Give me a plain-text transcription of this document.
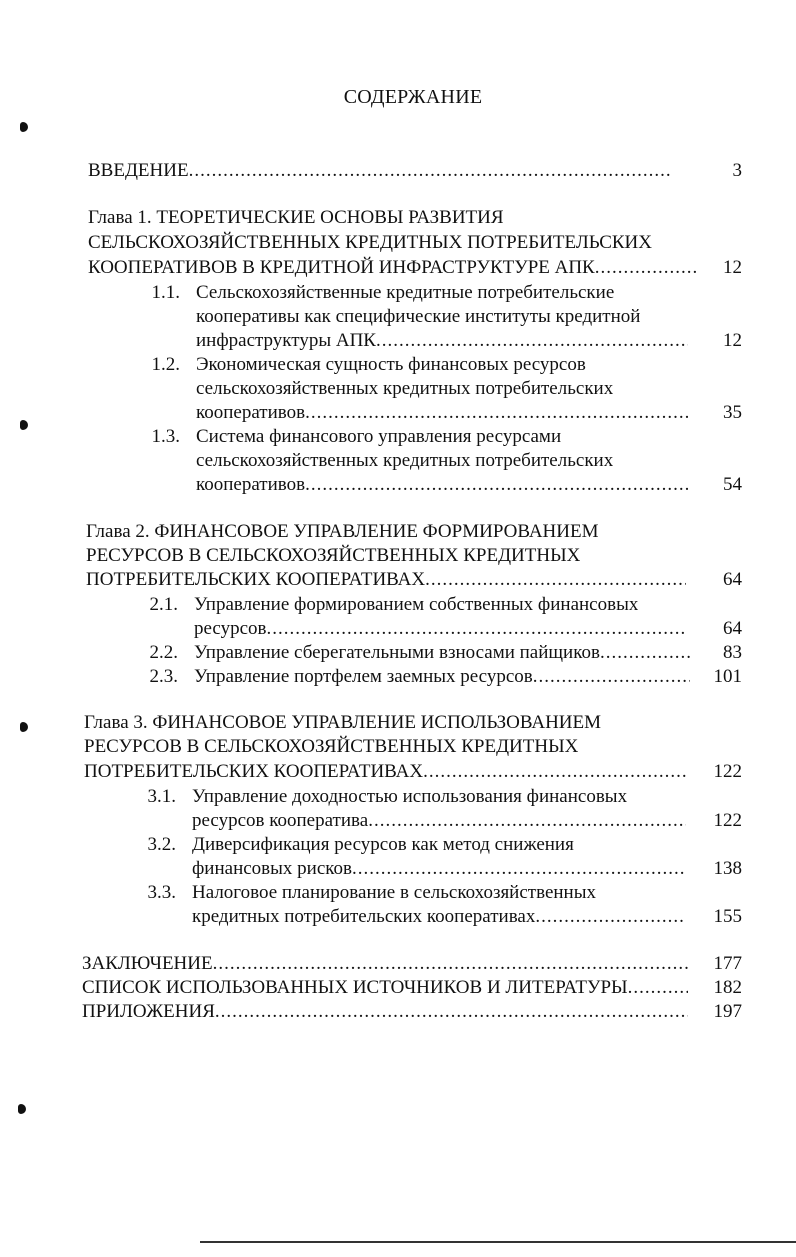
СОДЕРЖАНИЕ
ВВЕДЕНИЕ .....	3
Глава 1. ТЕОРЕТИЧЕСКИЕ ОСНОВЫ РАЗВИТИЯ
СЕЛЬСКОХОЗЯЙСТВЕННЫХ КРЕДИТНЫХ ПОТРЕБИТЕЛЬСКИХ
КООПЕРАТИВОВ В КРЕДИТНОЙ ИНФРАСТРУКТУРЕ АПК .....	12
1.1. Сельскохозяйственные кредитные потребительские
кооперативы как специфические институты кредитной
инфраструктуры АПК .....	12
1.2. Экономическая сущность финансовых ресурсов
сельскохозяйственных кредитных потребительских
кооперативов .....	35
1.3. Система финансового управления ресурсами
сельскохозяйственных кредитных потребительских
кооперативов .....	54
Глава 2. ФИНАНСОВОЕ УПРАВЛЕНИЕ ФОРМИРОВАНИЕМ
РЕСУРСОВ В СЕЛЬСКОХОЗЯЙСТВЕННЫХ КРЕДИТНЫХ
ПОТРЕБИТЕЛЬСКИХ КООПЕРАТИВАХ .....	64
2.1. Управление формированием собственных финансовых
ресурсов .....	64
2.2. Управление сберегательными взносами пайщиков .....	83
2.3. Управление портфелем заемных ресурсов .....	101
Глава 3. ФИНАНСОВОЕ УПРАВЛЕНИЕ ИСПОЛЬЗОВАНИЕМ
РЕСУРСОВ В СЕЛЬСКОХОЗЯЙСТВЕННЫХ КРЕДИТНЫХ
ПОТРЕБИТЕЛЬСКИХ КООПЕРАТИВАХ .....	122
3.1. Управление доходностью использования финансовых
ресурсов кооператива .....	122
3.2. Диверсификация ресурсов как метод снижения
финансовых рисков .....	138
3.3. Налоговое планирование в сельскохозяйственных
кредитных потребительских кооперативах .....	155
ЗАКЛЮЧЕНИЕ .....	177
СПИСОК ИСПОЛЬЗОВАННЫХ ИСТОЧНИКОВ И ЛИТЕРАТУРЫ .....	182
ПРИЛОЖЕНИЯ .....	197
